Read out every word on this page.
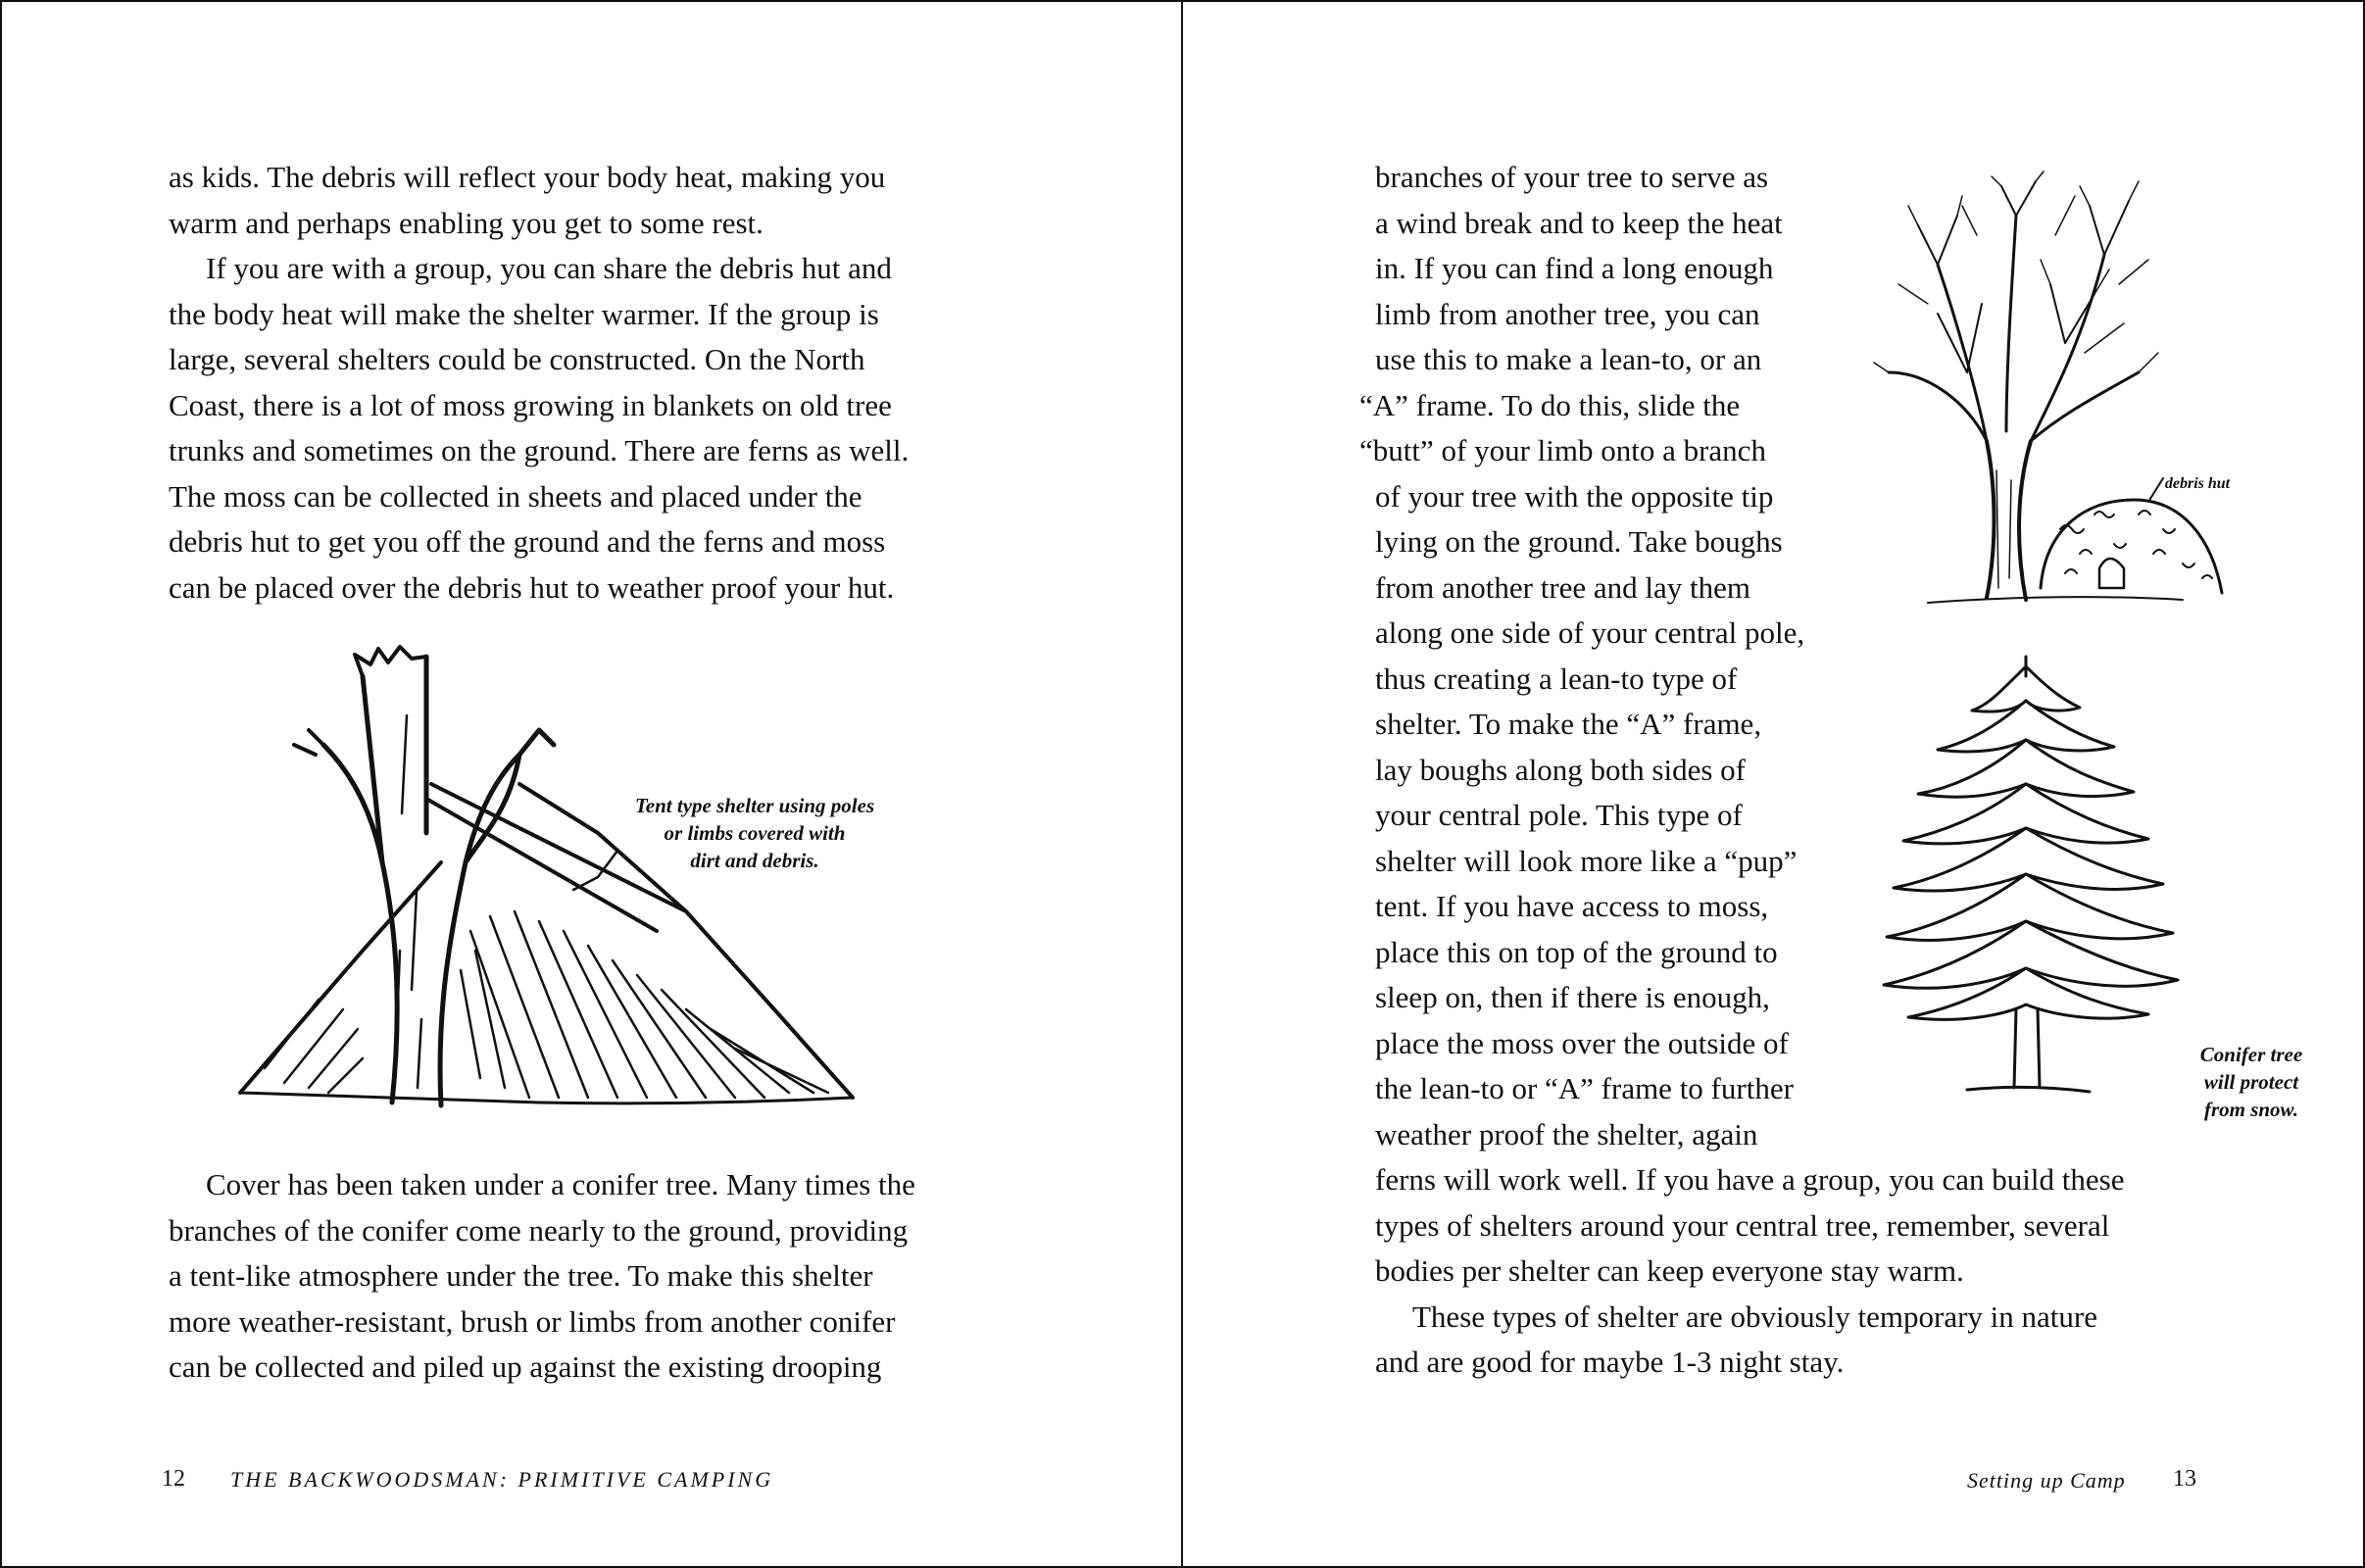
as kids. The debris will reflect your body heat, making you
warm and perhaps enabling you get to some rest.

If you are with a group, you can share the debris hut and
the body heat will make the shelter warmer. If the group is
large, several shelters could be constructed. On the North
Coast, there is a lot of moss growing in blankets on old tree
trunks and sometimes on the ground. There are ferns as well.
The moss can be collected in sheets and placed under the
debris hut to get you off the ground and the ferns and moss
can be placed over the debris hut to weather proof your hut.

Tent type shelter using poles
or limbs covered with
dirt and debris.

Cover has been taken under a conifer tree. Many times the
branches of the conifer come nearly to the ground, providing
a tent-like atmosphere under the tree. To make this shelter
more weather-resistant, brush or limbs from another conifer
can be collected and piled up against the existing drooping

12 THE BACKWOODSMAN: PRIMITIVE CAMPING

branches of your tree to serve as
a wind break and to keep the heat
in. If you can find a long enough
limb from another tree, you can
use this to make a lean-to, or an
“A” frame. To do this, slide the
“butt” of your limb onto a branch
of your tree with the opposite tip
lying on the ground. Take boughs
from another tree and lay them
along one side of your central pole,
thus creating a lean-to type of
shelter. To make the “A” frame,
lay boughs along both sides of
your central pole. This type of
shelter will look more like a “pup”
tent. If you have access to moss,
place this on top of the ground to
sleep on, then if there is enough,
place the moss over the outside of
the lean-to or “A” frame to further
weather proof the shelter, again

ferns will work well. If you have a group, you can build these
types of shelters around your central tree, remember, several
bodies per shelter can keep everyone stay warm.

These types of shelter are obviously temporary in nature
and are good for maybe 1-3 night stay.

debris hut
Conifer tree
will protect
from snow.
Setting up Camp 13
